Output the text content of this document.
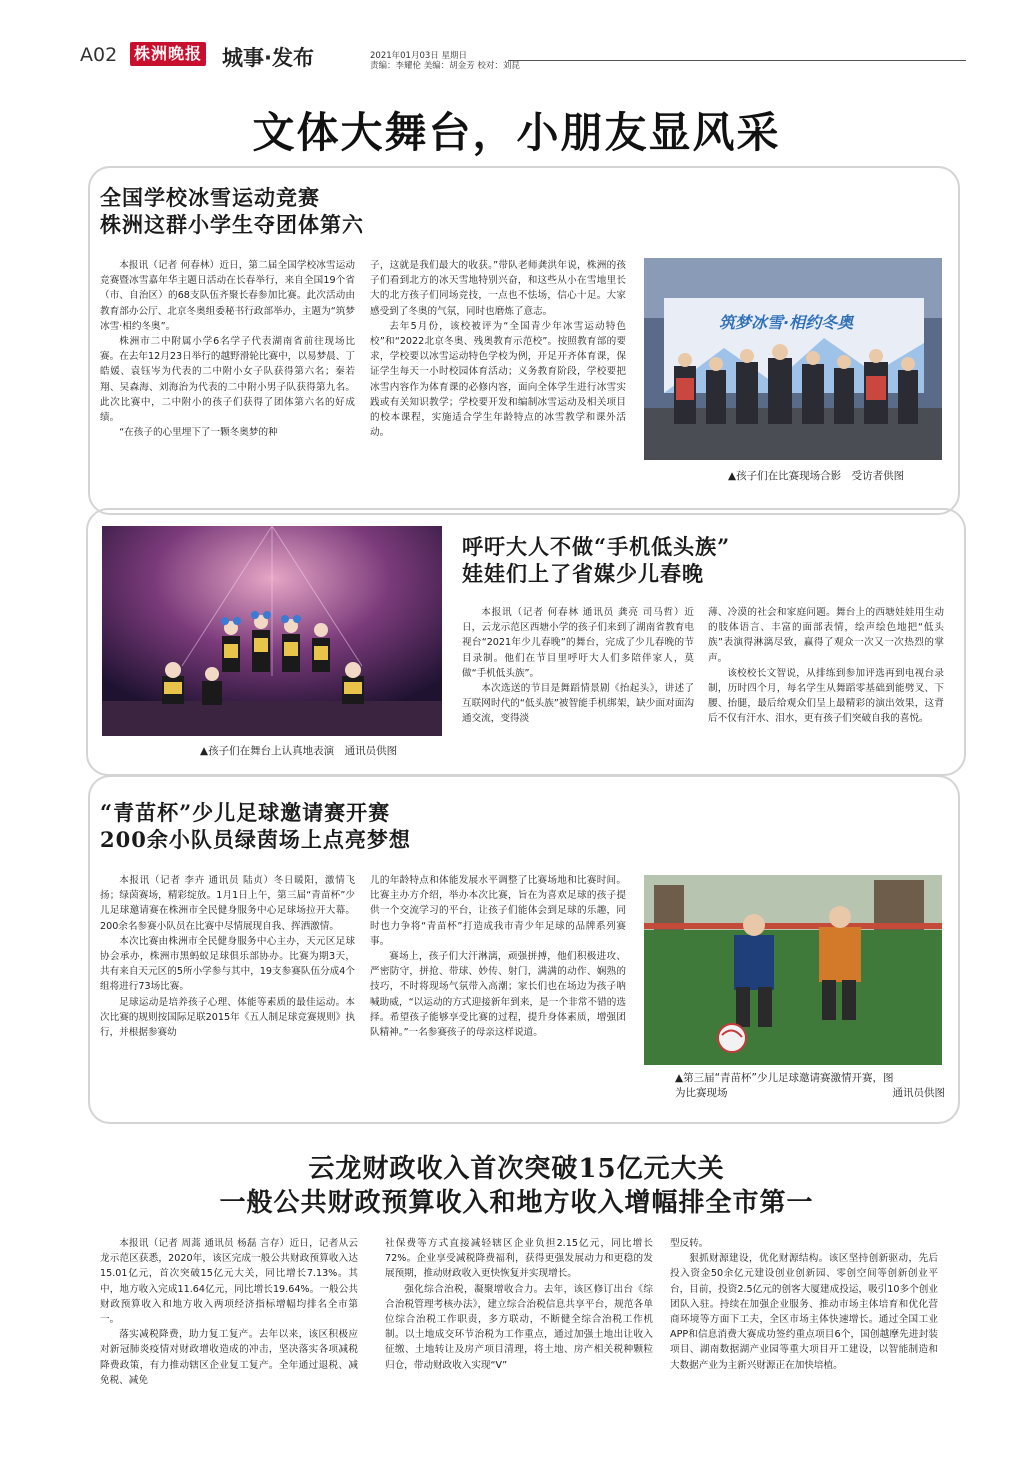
A02 株洲晚报 城事·发布	2021年01月03日 星期日
责编：李耀伦 美编：胡金芳 校对：刘昆
文体大舞台，小朋友显风采
全国学校冰雪运动竞赛
株洲这群小学生夺团体第六

本报讯（记者 何春林）近日，第二届全国学校冰雪运动竞赛暨冰雪嘉年华主题日活动在长春举行，来自全国19个省（市、自治区）的68支队伍齐聚长春参加比赛。此次活动由教育部办公厅、北京冬奥组委秘书行政部举办，主题为“筑梦冰雪·相约冬奥”。

株洲市二中附属小学6名学子代表湖南省前往现场比赛。在去年12月23日举行的越野滑轮比赛中，以易梦晨、丁皓媛、袁钰岑为代表的二中附小女子队获得第六名；秦若翔、吴森海、刘海治为代表的二中附小男子队获得第九名。此次比赛中，二中附小的孩子们获得了团体第六名的好成绩。

“在孩子的心里埋下了一颗冬奥梦的种

子，这就是我们最大的收获。”带队老师龚洪年说，株洲的孩子们看到北方的冰天雪地特别兴奋，和这些从小在雪地里长大的北方孩子们同场竞技，一点也不怯场，信心十足。大家感受到了冬奥的气氛，同时也磨炼了意志。

去年5月份，该校被评为“全国青少年冰雪运动特色校”和“2022北京冬奥、残奥教育示范校”。按照教育部的要求，学校要以冰雪运动特色学校为例，开足开齐体育课，保证学生每天一小时校园体育活动；义务教育阶段，学校要把冰雪内容作为体育课的必修内容，面向全体学生进行冰雪实践或有关知识教学；学校要开发和编制冰雪运动及相关项目的校本课程，实施适合学生年龄特点的冰雪教学和课外活动。

筑梦冰雪·相约冬奥
▲孩子们在比赛现场合影　受访者供图
▲孩子们在舞台上认真地表演　通讯员供图
呼吁大人不做“手机低头族”
娃娃们上了省媒少儿春晚

本报讯（记者 何春林 通讯员 龚亮 司马哲）近日，云龙示范区西塘小学的孩子们来到了湖南省教育电视台“2021年少儿春晚”的舞台，完成了少儿春晚的节目录制。他们在节目里呼吁大人们多陪伴家人，莫做“手机低头族”。

本次选送的节目是舞蹈情景剧《抬起头》，讲述了互联网时代的“低头族”被智能手机绑架，缺少面对面沟通交流，变得淡

薄、冷漠的社会和家庭问题。舞台上的西塘娃娃用生动的肢体语言、丰富的面部表情，绘声绘色地把“低头族”表演得淋漓尽致，赢得了观众一次又一次热烈的掌声。

该校校长文智说，从排练到参加评选再到电视台录制，历时四个月，每名学生从舞蹈零基础到能劈叉、下腰、抬腿，最后给观众们呈上最精彩的演出效果，这背后不仅有汗水、泪水，更有孩子们突破自我的喜悦。

“青苗杯”少儿足球邀请赛开赛
200余小队员绿茵场上点亮梦想

本报讯（记者 李卉 通讯员 陆贞）冬日暖阳，激情飞扬；绿茵赛场，精彩绽放。1月1日上午，第三届“青苗杯”少儿足球邀请赛在株洲市全民健身服务中心足球场拉开大幕。200余名参赛小队员在比赛中尽情展现自我、挥洒激情。

本次比赛由株洲市全民健身服务中心主办，天元区足球协会承办，株洲市黑蚂蚁足球俱乐部协办。比赛为期3天，共有来自天元区的5所小学参与其中，19支参赛队伍分成4个组将进行73场比赛。

足球运动是培养孩子心理、体能等素质的最佳运动。本次比赛的规则按国际足联2015年《五人制足球竞赛规则》执行，并根据参赛幼

儿的年龄特点和体能发展水平调整了比赛场地和比赛时间。比赛主办方介绍，举办本次比赛，旨在为喜欢足球的孩子提供一个交流学习的平台，让孩子们能体会到足球的乐趣，同时也力争将“青苗杯”打造成我市青少年足球的品牌系列赛事。

赛场上，孩子们大汗淋漓，顽强拼搏，他们积极进攻、严密防守，拼抢、带球、妙传、射门，满满的动作、娴熟的技巧，不时将现场气氛带入高潮；家长们也在场边为孩子呐喊助威，“以运动的方式迎接新年到来，是一个非常不错的选择。希望孩子能够享受比赛的过程，提升身体素质，增强团队精神。”一名参赛孩子的母亲这样说道。

▲第三届“青苗杯”少儿足球邀请赛激情开赛，图
为比赛现场	通讯员供图
云龙财政收入首次突破15亿元大关
一般公共财政预算收入和地方收入增幅排全市第一

本报讯（记者 周蒿 通讯员 杨磊 言存）近日，记者从云龙示范区获悉，2020年，该区完成一般公共财政预算收入达15.01亿元，首次突破15亿元大关，同比增长7.13%。其中，地方收入完成11.64亿元，同比增长19.64%。一般公共财政预算收入和地方收入两项经济指标增幅均排名全市第一。

落实减税降费，助力复工复产。去年以来，该区积极应对新冠肺炎疫情对财政增收造成的冲击，坚决落实各项减税降费政策，有力推动辖区企业复工复产。全年通过退税、减免税、减免

社保费等方式直接减轻辖区企业负担2.15亿元，同比增长72%。企业享受减税降费福利，获得更强发展动力和更稳的发展预期，推动财政收入更快恢复并实现增长。

强化综合治税，凝聚增收合力。去年，该区修订出台《综合治税管理考核办法》，建立综合治税信息共享平台，规范各单位综合治税工作职责，多方联动，不断健全综合治税工作机制。以土地成交环节治税为工作重点，通过加强土地出让收入征缴、土地转让及房产项目清理，将土地、房产相关税种颗粒归仓，带动财政收入实现“V”

型反转。

狠抓财源建设，优化财源结构。该区坚持创新驱动，先后投入资金50余亿元建设创业创新园、零创空间等创新创业平台，目前，投资2.5亿元的创客大厦建成投运，吸引10多个创业团队入驻。持续在加强企业服务、推动市场主体培育和优化营商环境等方面下工夫，全区市场主体快速增长。通过全国工业APP和信息消费大赛成功签约重点项目6个，国创越摩先进封装项目、湖南数据湖产业园等重大项目开工建设，以智能制造和大数据产业为主新兴财源正在加快培植。
